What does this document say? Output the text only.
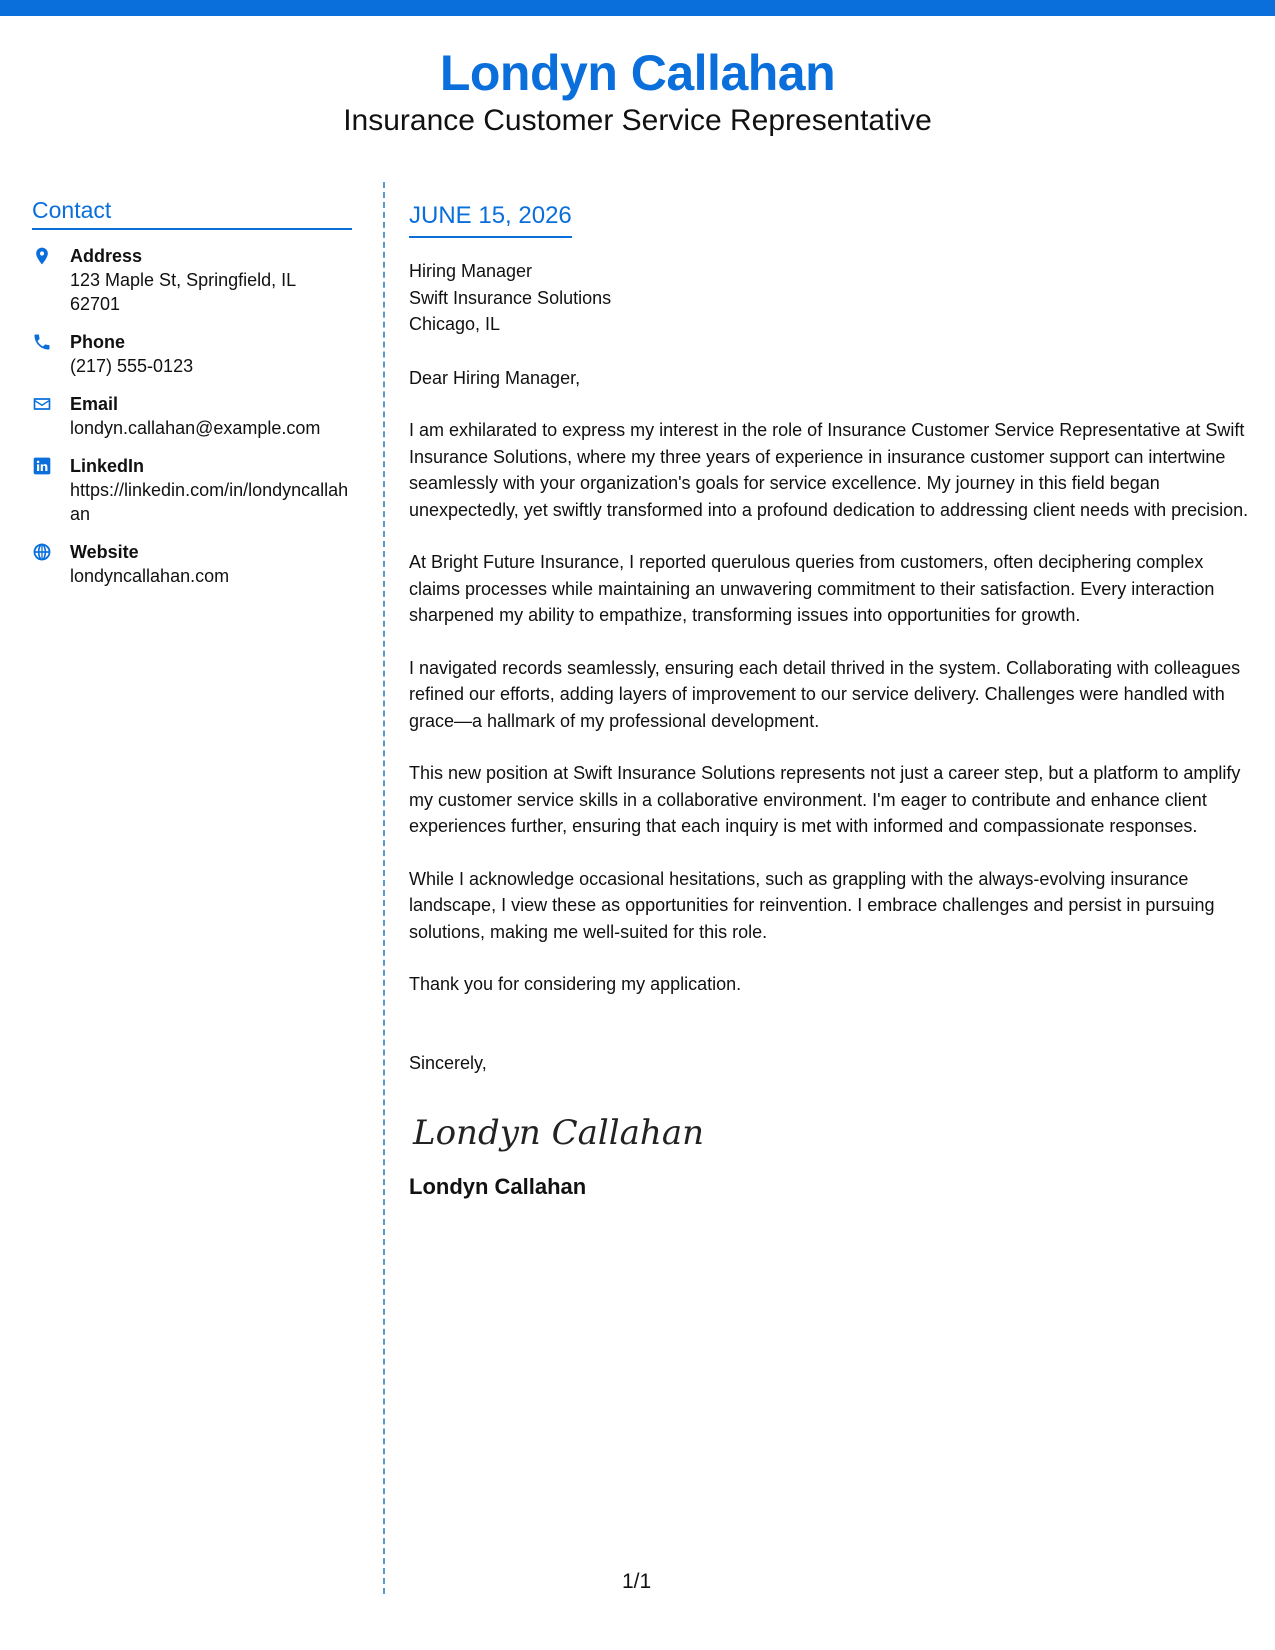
Londyn Callahan
Insurance Customer Service Representative
Contact
Address
123 Maple St, Springfield, IL 62701
Phone
(217) 555-0123
Email
londyn.callahan@example.com
LinkedIn
https://linkedin.com/in/londyncallahan
Website
londyncallahan.com
JUNE 15, 2026
Hiring Manager
Swift Insurance Solutions
Chicago, IL
Dear Hiring Manager,
I am exhilarated to express my interest in the role of Insurance Customer Service Representative at Swift Insurance Solutions, where my three years of experience in insurance customer support can intertwine seamlessly with your organization's goals for service excellence. My journey in this field began unexpectedly, yet swiftly transformed into a profound dedication to addressing client needs with precision.
At Bright Future Insurance, I reported querulous queries from customers, often deciphering complex claims processes while maintaining an unwavering commitment to their satisfaction. Every interaction sharpened my ability to empathize, transforming issues into opportunities for growth.
I navigated records seamlessly, ensuring each detail thrived in the system. Collaborating with colleagues refined our efforts, adding layers of improvement to our service delivery. Challenges were handled with grace—a hallmark of my professional development.
This new position at Swift Insurance Solutions represents not just a career step, but a platform to amplify my customer service skills in a collaborative environment. I'm eager to contribute and enhance client experiences further, ensuring that each inquiry is met with informed and compassionate responses.
While I acknowledge occasional hesitations, such as grappling with the always-evolving insurance landscape, I view these as opportunities for reinvention. I embrace challenges and persist in pursuing solutions, making me well-suited for this role.
Thank you for considering my application.
Sincerely,
Londyn Callahan
Londyn Callahan
1/1
